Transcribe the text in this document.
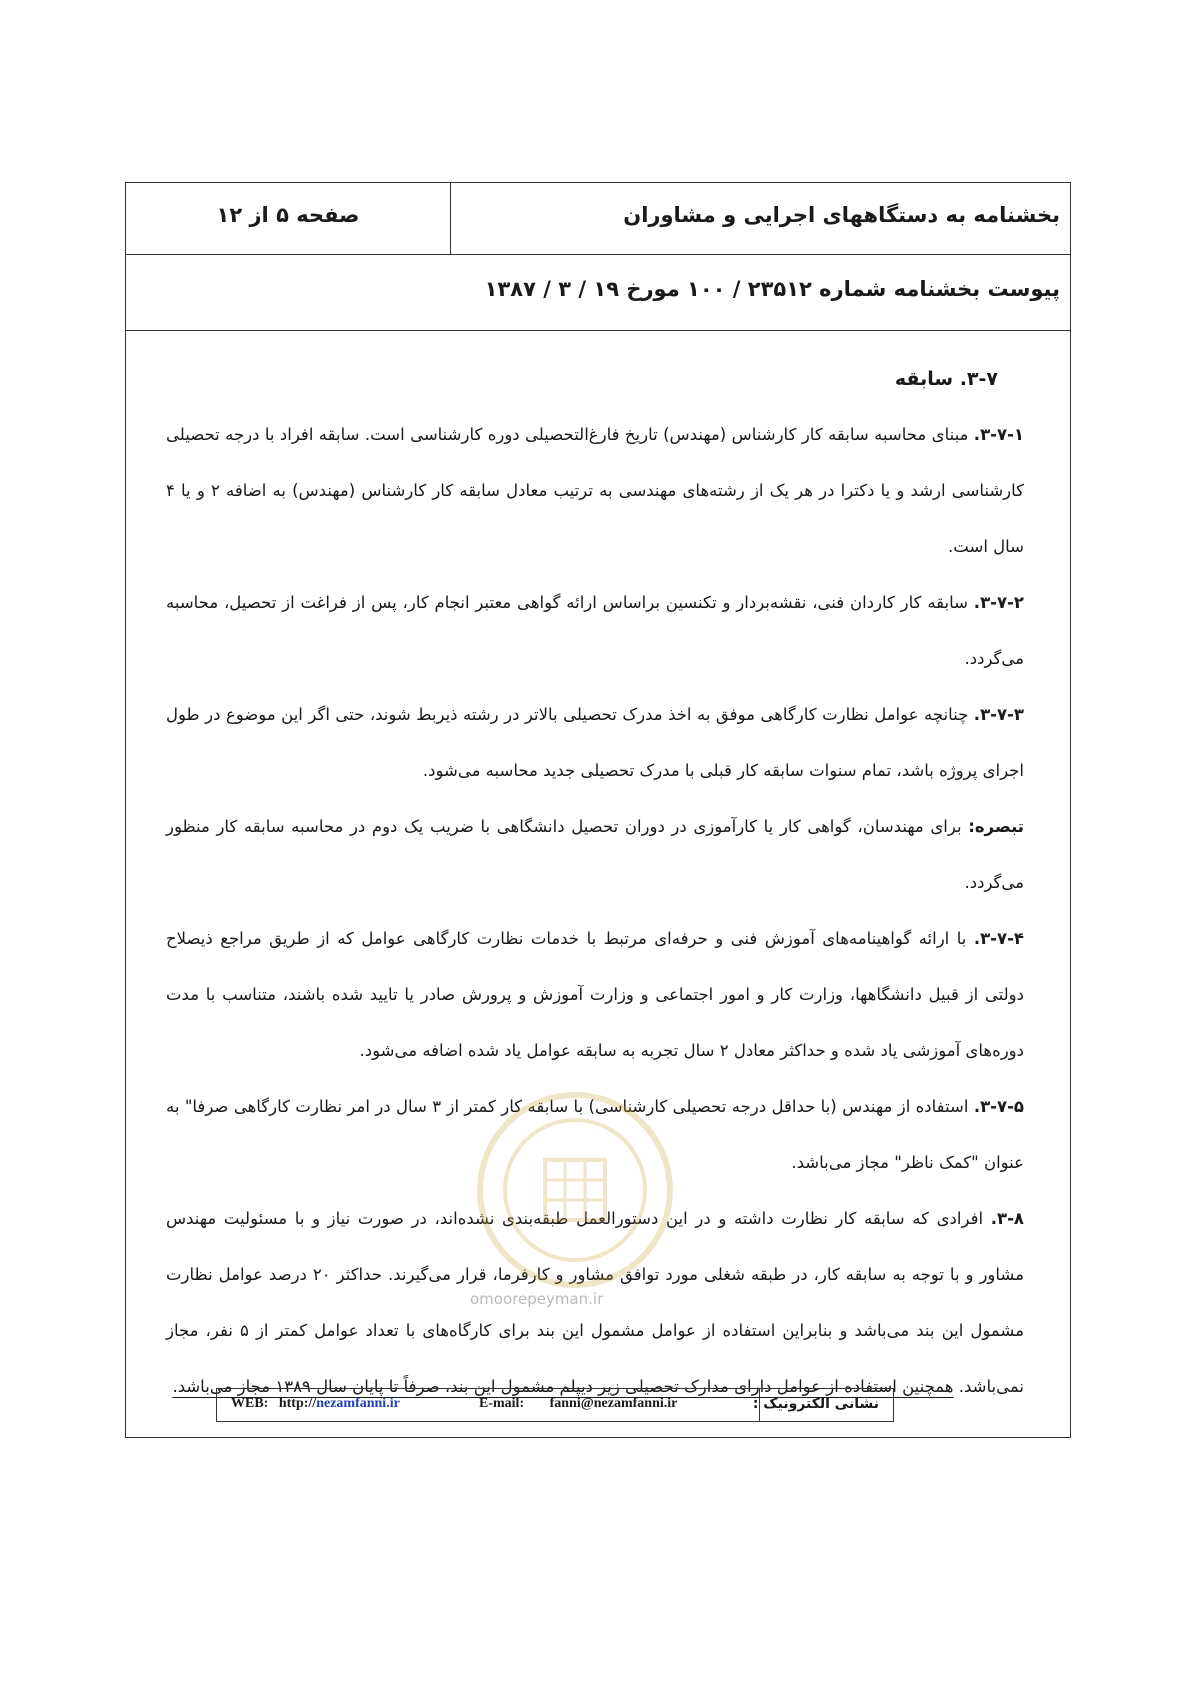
بخشنامه به دستگاههای اجرایی و مشاوران
صفحه ۵ از ۱۲
پیوست بخشنامه شماره ۲۳۵۱۲ / ۱۰۰ مورخ ۱۹ / ۳ / ۱۳۸۷

۳-۷. سابقه

۳-۷-۱. مبنای محاسبه سابقه کار کارشناس (مهندس) تاریخ فارغ‌التحصیلی دوره کارشناسی است. سابقه افراد با درجه تحصیلی کارشناسی ارشد و یا دکترا در هر یک از رشته‌های مهندسی به ترتیب معادل سابقه کار کارشناس (مهندس) به اضافه ۲ و یا ۴ سال است.

۳-۷-۲. سابقه کار کاردان فنی، نقشه‌بردار و تکنسین براساس ارائه گواهی معتبر انجام کار، پس از فراغت از تحصیل، محاسبه می‌گردد.

۳-۷-۳. چنانچه عوامل نظارت کارگاهی موفق به اخذ مدرک تحصیلی بالاتر در رشته ذیربط شوند، حتی اگر این موضوع در طول اجرای پروژه باشد، تمام سنوات سابقه کار قبلی با مدرک تحصیلی جدید محاسبه می‌شود.

تبصره: برای مهندسان، گواهی کار یا کارآموزی در دوران تحصیل دانشگاهی با ضریب یک دوم در محاسبه سابقه کار منظور می‌گردد.

۳-۷-۴. با ارائه گواهینامه‌های آموزش فنی و حرفه‌ای مرتبط با خدمات نظارت کارگاهی عوامل که از طریق مراجع ذیصلاح دولتی از قبیل دانشگاهها، وزارت کار و امور اجتماعی و وزارت آموزش و پرورش صادر یا تایید شده باشند، متناسب با مدت دوره‌های آموزشی یاد شده و حداکثر معادل ۲ سال تجربه به سابقه عوامل یاد شده اضافه می‌شود.

۳-۷-۵. استفاده از مهندس (با حداقل درجه تحصیلی کارشناسی) با سابقه کار کمتر از ۳ سال در امر نظارت کارگاهی صرفا" به عنوان "کمک ناظر" مجاز می‌باشد.

۳-۸. افرادی که سابقه کار نظارت داشته و در این دستورالعمل طبقه‌بندی نشده‌اند، در صورت نیاز و با مسئولیت مهندس مشاور و با توجه به سابقه کار، در طبقه شغلی مورد توافق مشاور و کارفرما، قرار می‌گیرند. حداکثر ۲۰ درصد عوامل نظارت مشمول این بند می‌باشد و بنابراین استفاده از عوامل مشمول این بند برای کارگاه‌های با تعداد عوامل کمتر از ۵ نفر، مجاز نمی‌باشد. همچنین استفاده از عوامل دارای مدارک تحصیلی زیر دیپلم مشمول این بند، صرفاً تا پایان سال ۱۳۸۹ مجاز می‌باشد.

omoorepeyman.ir
WEB: http://nezamfanni.ir	E-mail: fanni@nezamfanni.ir	نشانی الکترونیک :
